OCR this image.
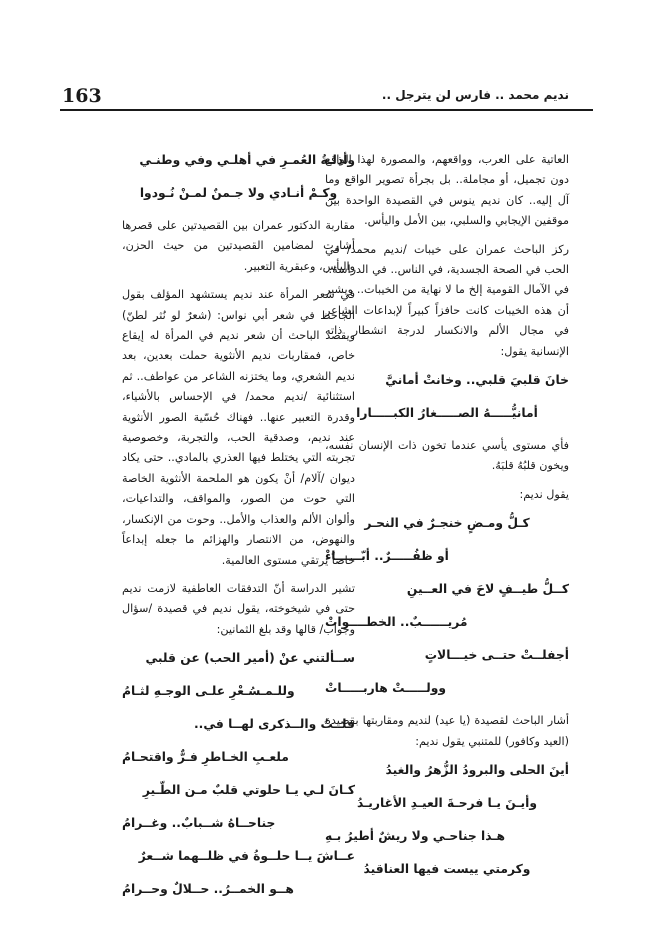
163	نديم محمد .. فارس لن يترجل ..

العاتية على العرب، وواقعهم، والمصورة لهذا الواقع دون تجميل، أو مجاملة.. بل بجرأة تصوير الواقع وما آل إليه.. كان نديم ينوس في القصيدة الواحدة بين موقفين الإيجابي والسلبي، بين الأمل واليأس.

ركز الباحث عمران على خيبات /نديم محمد/ في الحب في الصحة الجسدية، في الناس.. في الدراسة.. في الآمال القومية إلخ ما لا نهاية من الخيبات.. ويشير أن هذه الخيبات كانت حافزاً كبيراً لإبداعات الشاعر في مجال الألم والانكسار لدرجة انشطار ذاته الإنسانية يقول:

خانَ قلبيَ قلبي.. وخانتْ أمانيَّ

أمانيُّـــــهُ الصـــــغارُ الكبـــــارا

فأي مستوى يأسي عندما تخون ذات الإنسان نفسه، ويخون قلبُهُ قلبَهُ.

يقول نديم:

كـلُّ ومـضٍ خنجـرٌ في النحـر

أو ظفُـــــرٌ.. أبّــــــاءْ

كــلُّ طيــفٍ لاحَ في العــينِ

مُريــــــبٌ.. الخطــــواتْ

أجفلــتْ حتــى خيـــالاتٍ

وولـــــتْ هاربـــــاتْ

أشار الباحث لقصيدة (يا عيد) لنديم ومقاربتها بقصيدة (العيد وكافور) للمتنبي يقول نديم:

أينَ الحلى والبرودُ الزُّهرُ والغيدُ

وأيـنَ يـا فرحـةَ العيـدِ الأغاريـدُ

هـذا جناحـي ولا ريشٌ أطيرُ بـهِ

وكرمتي ييست فيها العناقيدُ

وأذلـةُ العُمـرِ في أهلـي وفي وطنـي

وكـمْ أنـادي ولا جـمنٌ لمـنْ نُـودوا

مقاربة الدكتور عمران بين القصيدتين على قصرها أشارت لمضامين القصيدتين من حيث الحزن، واليأس، وعبقرية التعبير.

في شعر المرأة عند نديم يستشهد المؤلف بقول الجاحظ في شعر أبي نواس: (شعرٌ لو نُثر لطنّ) ويقصد الباحث أن شعر نديم في المرأة له إيقاع خاص، فمقاربات نديم الأنثوية حملت بعدين، بعد نديم الشعري، وما يختزنه الشاعر من عواطف.. ثم استثنائية /نديم محمد/ في الإحساس بالأشياء، وقدرة التعبير عنها.. فهناك حُسّية الصور الأنثوية عند نديم، وصدقية الحب، والتجربة، وخصوصية تجربته التي يختلط فيها العذري بالمادي.. حتى يكاد ديوان /آلام/ أنْ يكون هو الملحمة الأنثوية الخاصة التي حوت من الصور، والمواقف، والتداعيات، وألوان الألم والعذاب والأمل.. وحوت من الإنكسار، والنهوض، من الانتصار والهزائم ما جعله إبداعاً خاصاً يرتقي مستوى العالمية.

تشير الدراسة أنّ التدفقات العاطفية لازمت نديم حتى في شيخوخته، يقول نديم في قصيدة /سؤال وجواب/ قالها وقد بلغ الثمانين:

ســألتني عنْ (أمير الحب) عن قلبي

وللـمـسُـعْرِ علـى الوجـهِ لثـامُ

قلــتُ والــذكرى لهــا في..

ملعـبِ الخـاطرِ فـرٌّ واقتحـامُ

كـانَ لـي يـا حلوتي قلبٌ مـن الطّـيرِ

جناحــاهُ شــبابٌ.. وغــرامُ

عــاشَ يــا حلــوةُ في ظلــهما شــعرٌ

هــو الخمــرُ.. حــلالٌ وحــرامُ
